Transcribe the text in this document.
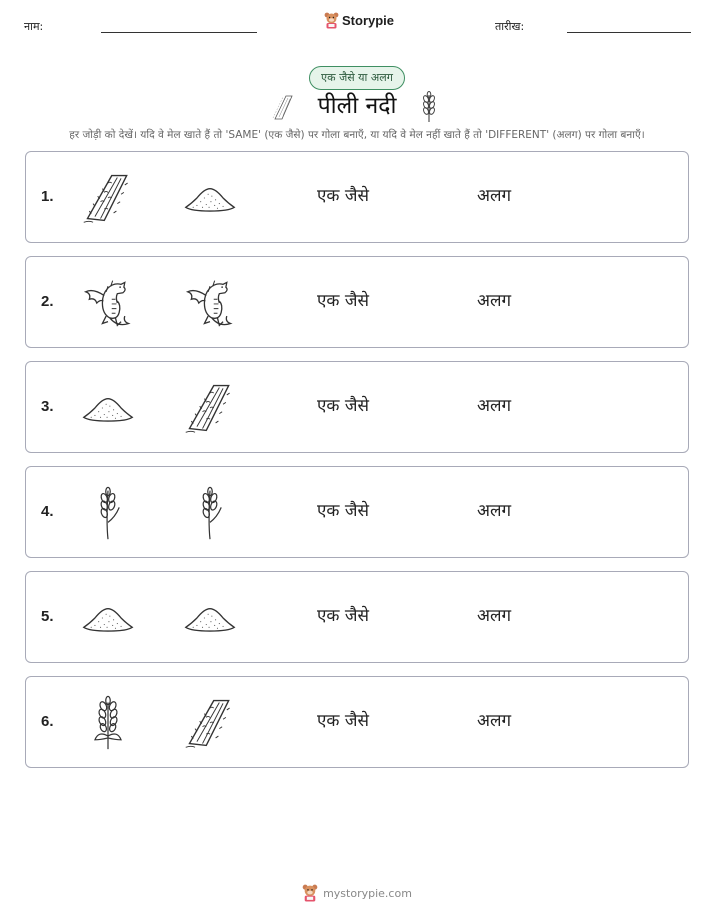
नाम:	Storypie	तारीख:
एक जैसे या अलग
पीली नदी
हर जोड़ी को देखें। यदि वे मेल खाते हैं तो 'SAME' (एक जैसे) पर गोला बनाएँ, या यदि वे मेल नहीं खाते हैं तो 'DIFFERENT' (अलग) पर गोला बनाएँ।
1.	एक जैसे	अलग
2.	एक जैसे	अलग
3.	एक जैसे	अलग
4.	एक जैसे	अलग
5.	एक जैसे	अलग
6.	एक जैसे	अलग
mystorypie.com
